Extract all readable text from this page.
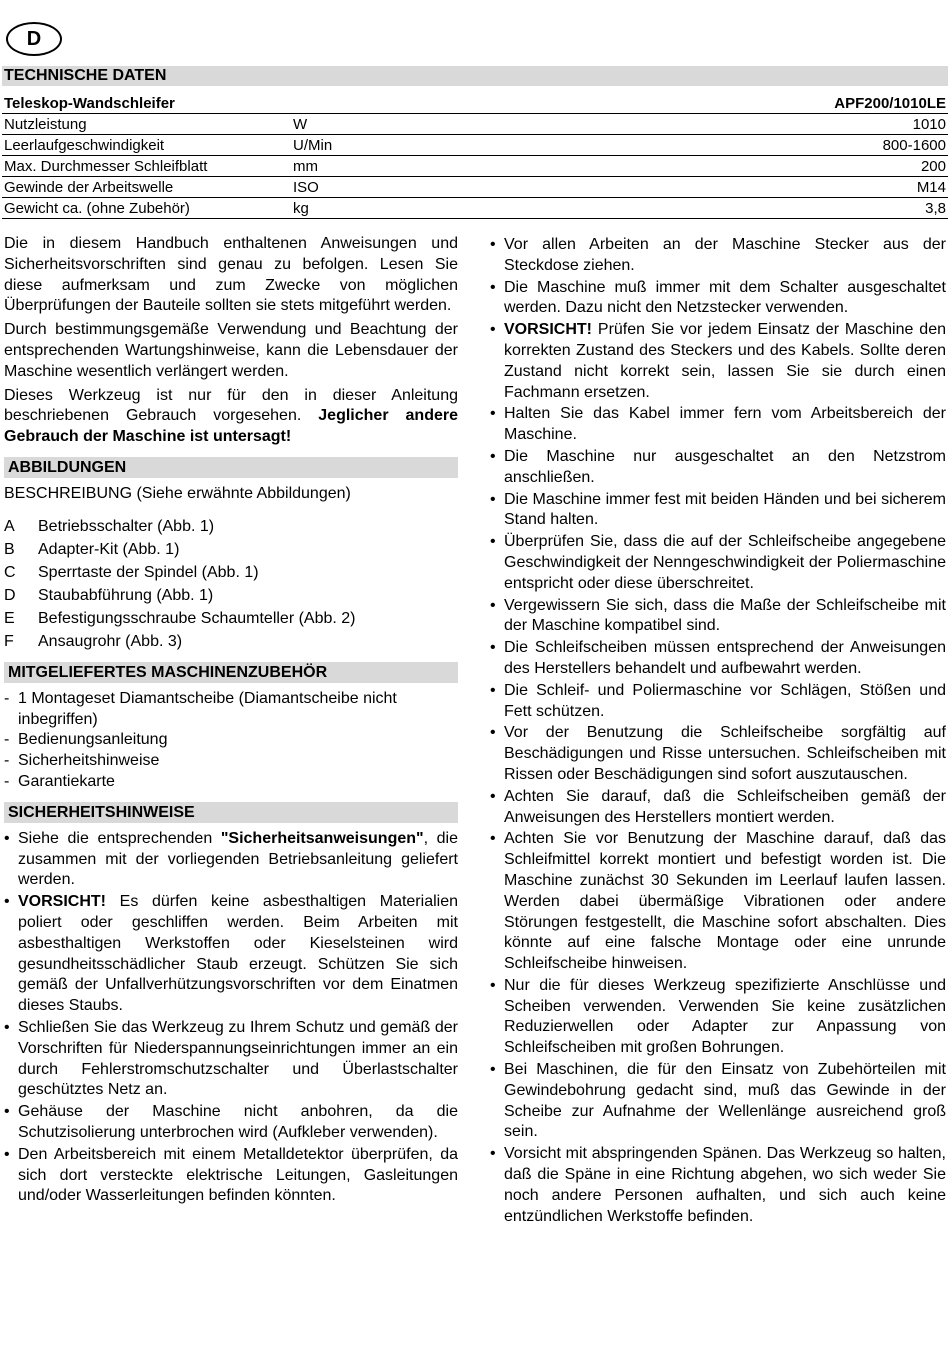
D
TECHNISCHE DATEN
Teleskop-Wandschleifer		APF200/1010LE
Nutzleistung	W	1010
Leerlaufgeschwindigkeit	U/Min	800-1600
Max. Durchmesser Schleifblatt	mm	200
Gewinde der Arbeitswelle	ISO	M14
Gewicht ca. (ohne Zubehör)	kg	3,8

Die in diesem Handbuch enthaltenen Anweisungen und Sicherheitsvorschriften sind genau zu befolgen. Lesen Sie diese aufmerksam und zum Zwecke von möglichen Überprüfungen der Bauteile sollten sie stets mitgeführt werden.

Durch bestimmungsgemäße Verwendung und Beachtung der entsprechenden Wartungshinweise, kann die Lebensdauer der Maschine wesentlich verlängert werden.

Dieses Werkzeug ist nur für den in dieser Anleitung beschriebenen Gebrauch vorgesehen. Jeglicher andere Gebrauch der Maschine ist untersagt!

ABBILDUNGEN
BESCHREIBUNG (Siehe erwähnte Abbildungen)
A	Betriebsschalter (Abb. 1)
B	Adapter-Kit (Abb. 1)
C	Sperrtaste der Spindel (Abb. 1)
D	Staubabführung (Abb. 1)
E	Befestigungsschraube Schaumteller (Abb. 2)
F	Ansaugrohr (Abb. 3)
MITGELIEFERTES MASCHINENZUBEHÖR
- 1 Montageset Diamantscheibe (Diamantscheibe nicht inbegriffen)
- Bedienungsanleitung
- Sicherheitshinweise
- Garantiekarte
SICHERHEITSHINWEISE
• Siehe die entsprechenden "Sicherheitsanweisungen", die zusammen mit der vorliegenden Betriebsanleitung geliefert werden.
• VORSICHT! Es dürfen keine asbesthaltigen Materialien poliert oder geschliffen werden. Beim Arbeiten mit asbesthaltigen Werkstoffen oder Kieselsteinen wird gesundheitsschädlicher Staub erzeugt. Schützen Sie sich gemäß der Unfallverhützungsvorschriften vor dem Einatmen dieses Staubs.
• Schließen Sie das Werkzeug zu Ihrem Schutz und gemäß der Vorschriften für Niederspannungseinrichtungen immer an ein durch Fehlerstromschutzschalter und Überlastschalter geschütztes Netz an.
• Gehäuse der Maschine nicht anbohren, da die Schutzisolierung unterbrochen wird (Aufkleber verwenden).
• Den Arbeitsbereich mit einem Metalldetektor überprüfen, da sich dort versteckte elektrische Leitungen, Gasleitungen und/oder Wasserleitungen befinden könnten.
• Vor allen Arbeiten an der Maschine Stecker aus der Steckdose ziehen.
• Die Maschine muß immer mit dem Schalter ausgeschaltet werden. Dazu nicht den Netzstecker verwenden.
• VORSICHT! Prüfen Sie vor jedem Einsatz der Maschine den korrekten Zustand des Steckers und des Kabels. Sollte deren Zustand nicht korrekt sein, lassen Sie sie durch einen Fachmann ersetzen.
• Halten Sie das Kabel immer fern vom Arbeitsbereich der Maschine.
• Die Maschine nur ausgeschaltet an den Netzstrom anschließen.
• Die Maschine immer fest mit beiden Händen und bei sicherem Stand halten.
• Überprüfen Sie, dass die auf der Schleifscheibe angegebene Geschwindigkeit der Nenngeschwindigkeit der Poliermaschine entspricht oder diese überschreitet.
• Vergewissern Sie sich, dass die Maße der Schleifscheibe mit der Maschine kompatibel sind.
• Die Schleifscheiben müssen entsprechend der Anweisungen des Herstellers behandelt und aufbewahrt werden.
• Die Schleif- und Poliermaschine vor Schlägen, Stößen und Fett schützen.
• Vor der Benutzung die Schleifscheibe sorgfältig auf Beschädigungen und Risse untersuchen. Schleifscheiben mit Rissen oder Beschädigungen sind sofort auszutauschen.
• Achten Sie darauf, daß die Schleifscheiben gemäß der Anweisungen des Herstellers montiert werden.
• Achten Sie vor Benutzung der Maschine darauf, daß das Schleifmittel korrekt montiert und befestigt worden ist. Die Maschine zunächst 30 Sekunden im Leerlauf laufen lassen. Werden dabei übermäßige Vibrationen oder andere Störungen festgestellt, die Maschine sofort abschalten. Dies könnte auf eine falsche Montage oder eine unrunde Schleifscheibe hinweisen.
• Nur die für dieses Werkzeug spezifizierte Anschlüsse und Scheiben verwenden. Verwenden Sie keine zusätzlichen Reduzierwellen oder Adapter zur Anpassung von Schleifscheiben mit großen Bohrungen.
• Bei Maschinen, die für den Einsatz von Zubehörteilen mit Gewindebohrung gedacht sind, muß das Gewinde in der Scheibe zur Aufnahme der Wellenlänge ausreichend groß sein.
• Vorsicht mit abspringenden Spänen. Das Werkzeug so halten, daß die Späne in eine Richtung abgehen, wo sich weder Sie noch andere Personen aufhalten, und sich auch keine entzündlichen Werkstoffe befinden.
